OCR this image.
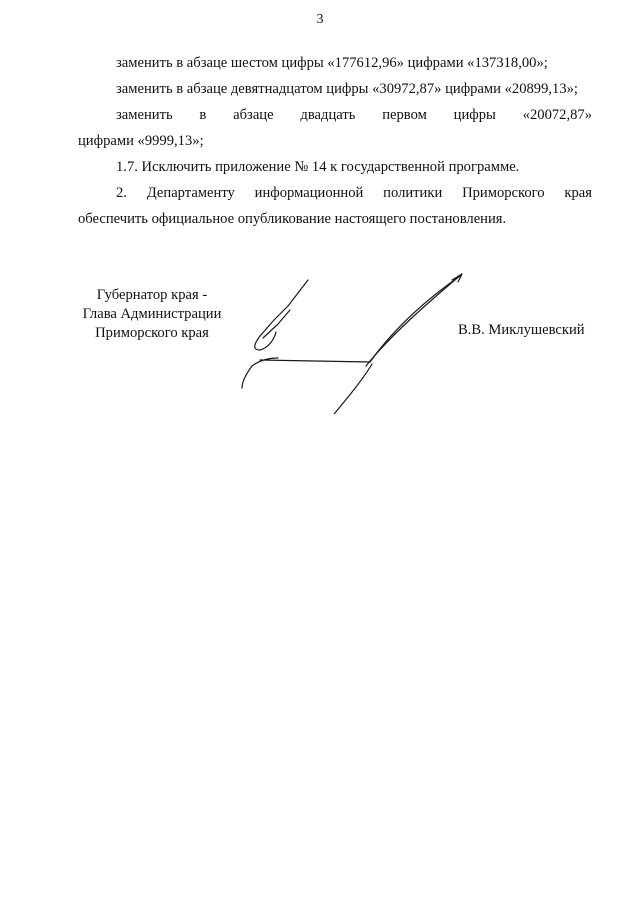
3

заменить в абзаце шестом цифры «177612,96» цифрами «137318,00»;

заменить в абзаце девятнадцатом цифры «30972,87» цифрами «20899,13»;

заменить в абзаце двадцать первом цифры «20072,87»

цифрами «9999,13»;

1.7. Исключить приложение № 14 к государственной программе.

2. Департаменту информационной политики Приморского края

обеспечить официальное опубликование настоящего постановления.

Губернатор края -
Глава Администрации
Приморского края	В.В. Миклушевский
